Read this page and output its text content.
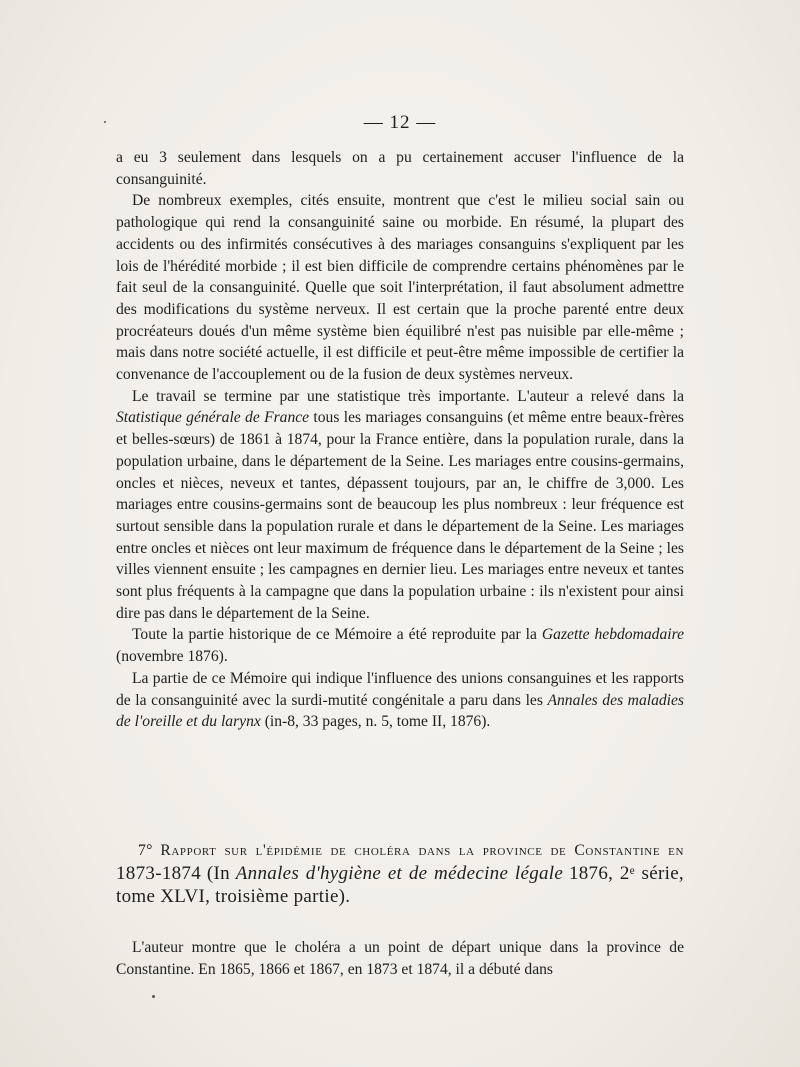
— 12 —

a eu 3 seulement dans lesquels on a pu certainement accuser l'influence de la consanguinité.

De nombreux exemples, cités ensuite, montrent que c'est le milieu social sain ou pathologique qui rend la consanguinité saine ou morbide. En résumé, la plupart des accidents ou des infirmités consécutives à des mariages consanguins s'expliquent par les lois de l'hérédité morbide ; il est bien difficile de comprendre certains phénomènes par le fait seul de la consanguinité. Quelle que soit l'interprétation, il faut absolument admettre des modifications du système nerveux. Il est certain que la proche parenté entre deux procréateurs doués d'un même système bien équilibré n'est pas nuisible par elle-même ; mais dans notre société actuelle, il est difficile et peut-être même impossible de certifier la convenance de l'accouplement ou de la fusion de deux systèmes nerveux.

Le travail se termine par une statistique très importante. L'auteur a relevé dans la Statistique générale de France tous les mariages consanguins (et même entre beaux-frères et belles-sœurs) de 1861 à 1874, pour la France entière, dans la population rurale, dans la population urbaine, dans le département de la Seine. Les mariages entre cousins-germains, oncles et nièces, neveux et tantes, dépassent toujours, par an, le chiffre de 3,000. Les mariages entre cousins-germains sont de beaucoup les plus nombreux : leur fréquence est surtout sensible dans la population rurale et dans le département de la Seine. Les mariages entre oncles et nièces ont leur maximum de fréquence dans le département de la Seine ; les villes viennent ensuite ; les campagnes en dernier lieu. Les mariages entre neveux et tantes sont plus fréquents à la campagne que dans la population urbaine : ils n'existent pour ainsi dire pas dans le département de la Seine.

Toute la partie historique de ce Mémoire a été reproduite par la Gazette hebdomadaire (novembre 1876).

La partie de ce Mémoire qui indique l'influence des unions consanguines et les rapports de la consanguinité avec la surdi-mutité congénitale a paru dans les Annales des maladies de l'oreille et du larynx (in-8, 33 pages, n. 5, tome II, 1876).

7° Rapport sur l'épidémie de choléra dans la province de Constantine en 1873-1874 (In Annales d'hygiène et de médecine légale 1876, 2ᵉ série, tome XLVI, troisième partie).

L'auteur montre que le choléra a un point de départ unique dans la province de Constantine. En 1865, 1866 et 1867, en 1873 et 1874, il a débuté dans
